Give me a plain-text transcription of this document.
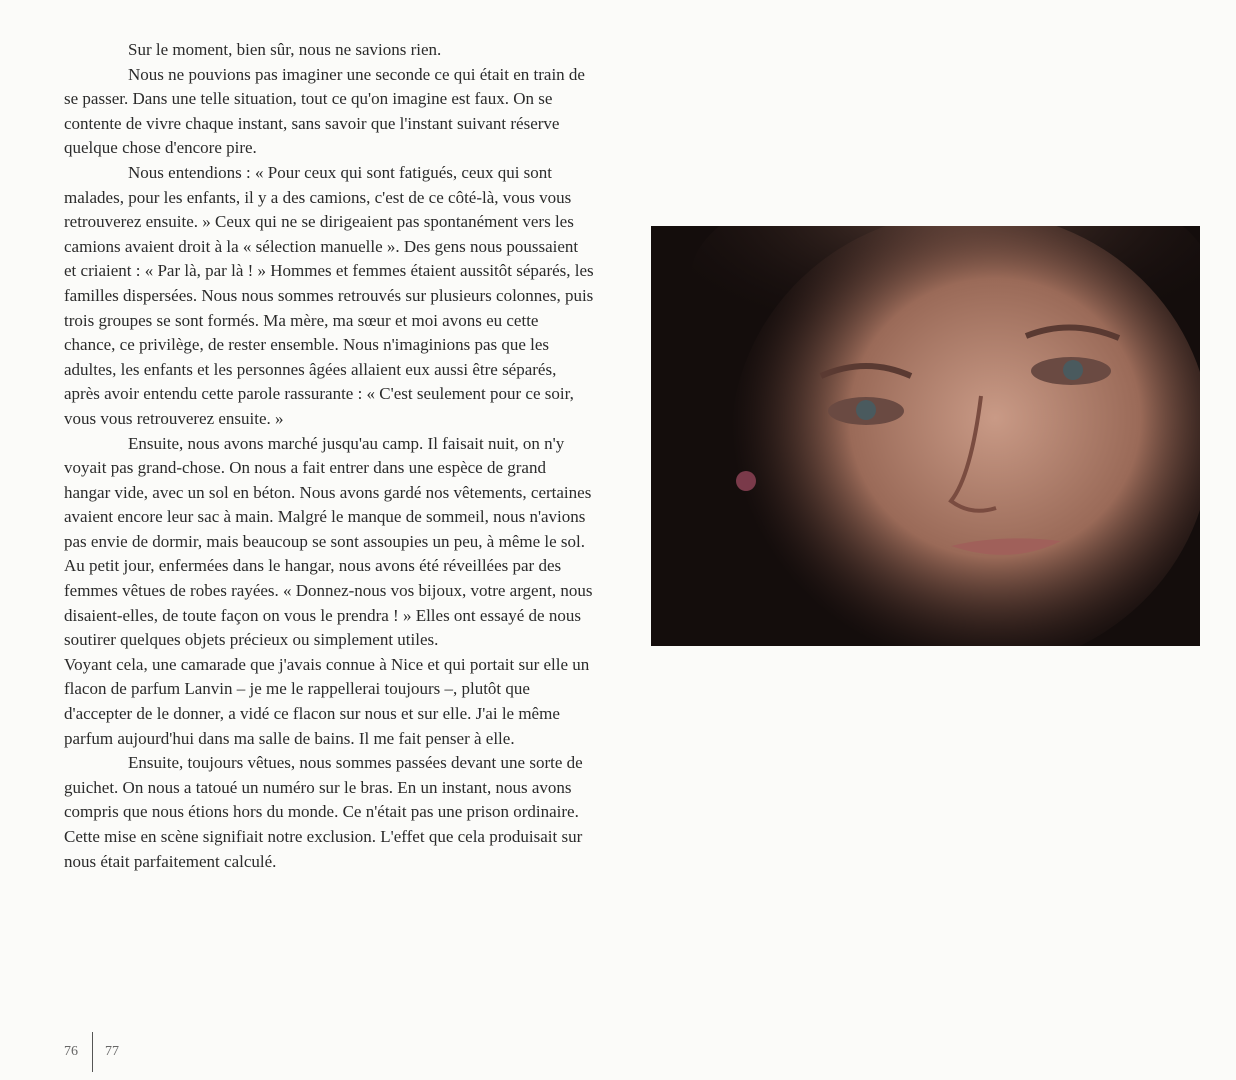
Sur le moment, bien sûr, nous ne savions rien.

Nous ne pouvions pas imaginer une seconde ce qui était en train de se passer. Dans une telle situation, tout ce qu'on imagine est faux. On se contente de vivre chaque instant, sans savoir que l'instant suivant réserve quelque chose d'encore pire.

Nous entendions : « Pour ceux qui sont fatigués, ceux qui sont malades, pour les enfants, il y a des camions, c'est de ce côté-là, vous vous retrouverez ensuite. » Ceux qui ne se dirigeaient pas spontanément vers les camions avaient droit à la « sélection manuelle ». Des gens nous poussaient et criaient : « Par là, par là ! » Hommes et femmes étaient aussitôt séparés, les familles dispersées. Nous nous sommes retrouvés sur plusieurs colonnes, puis trois groupes se sont formés. Ma mère, ma sœur et moi avons eu cette chance, ce privilège, de rester ensemble. Nous n'imaginions pas que les adultes, les enfants et les personnes âgées allaient eux aussi être séparés, après avoir entendu cette parole rassurante : « C'est seulement pour ce soir, vous vous retrouverez ensuite. »

Ensuite, nous avons marché jusqu'au camp. Il faisait nuit, on n'y voyait pas grand-chose. On nous a fait entrer dans une espèce de grand hangar vide, avec un sol en béton. Nous avons gardé nos vêtements, certaines avaient encore leur sac à main. Malgré le manque de sommeil, nous n'avions pas envie de dormir, mais beaucoup se sont assoupies un peu, à même le sol. Au petit jour, enfermées dans le hangar, nous avons été réveillées par des femmes vêtues de robes rayées. « Donnez-nous vos bijoux, votre argent, nous disaient-elles, de toute façon on vous le prendra ! » Elles ont essayé de nous soutirer quelques objets précieux ou simplement utiles.

Voyant cela, une camarade que j'avais connue à Nice et qui portait sur elle un flacon de parfum Lanvin – je me le rappellerai toujours –, plutôt que d'accepter de le donner, a vidé ce flacon sur nous et sur elle. J'ai le même parfum aujourd'hui dans ma salle de bains. Il me fait penser à elle.

Ensuite, toujours vêtues, nous sommes passées devant une sorte de guichet. On nous a tatoué un numéro sur le bras. En un instant, nous avons compris que nous étions hors du monde. Ce n'était pas une prison ordinaire. Cette mise en scène signifiait notre exclusion. L'effet que cela produisait sur nous était parfaitement calculé.

76 77
